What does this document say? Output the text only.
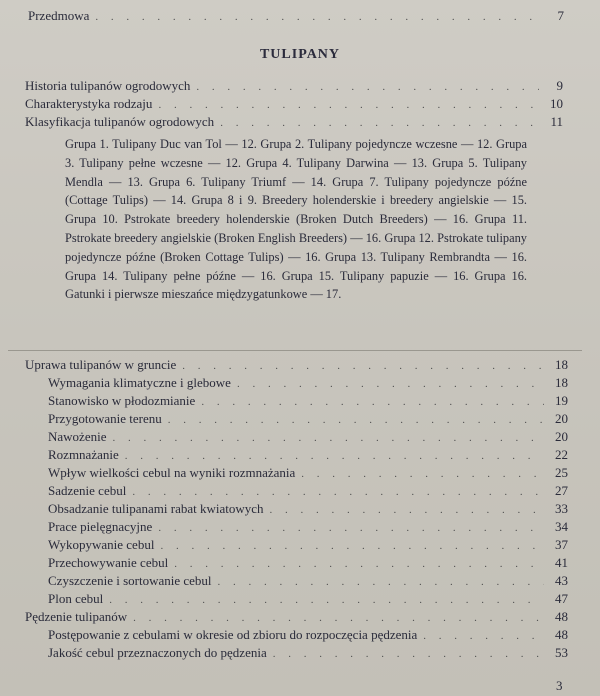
Przedmowa . . .	7
TULIPANY
Historia tulipanów ogrodowych . . .	9
Charakterystyka rodzaju . . .	10
Klasyfikacja tulipanów ogrodowych . . .	11
Grupa 1. Tulipany Duc van Tol — 12. Grupa 2. Tulipany pojedyncze wczesne — 12. Grupa 3. Tulipany pełne wczesne — 12. Grupa 4. Tulipany Darwina — 13. Grupa 5. Tulipany Mendla — 13. Grupa 6. Tulipany Triumf — 14. Grupa 7. Tulipany pojedyncze późne (Cottage Tulips) — 14. Grupa 8 i 9. Breedery holenderskie i breedery angielskie — 15. Grupa 10. Pstrokate breedery holenderskie (Broken Dutch Breeders) — 16. Grupa 11. Pstrokate breedery angielskie (Broken English Breeders) — 16. Grupa 12. Pstrokate tulipany pojedyncze późne (Broken Cottage Tulips) — 16. Grupa 13. Tulipany Rembrandta — 16. Grupa 14. Tulipany pełne późne — 16. Grupa 15. Tulipany papuzie — 16. Grupa 16. Gatunki i pierwsze mieszańce międzygatunkowe — 17.
Uprawa tulipanów w gruncie . . .	18
Wymagania klimatyczne i glebowe . . .	18
Stanowisko w płodozmianie . . .	19
Przygotowanie terenu . . .	20
Nawożenie . . .	20
Rozmnażanie . . .	22
Wpływ wielkości cebul na wyniki rozmnażania . . .	25
Sadzenie cebul . . .	27
Obsadzanie tulipanami rabat kwiatowych . . .	33
Prace pielęgnacyjne . . .	34
Wykopywanie cebul . . .	37
Przechowywanie cebul . . .	41
Czyszczenie i sortowanie cebul . . .	43
Plon cebul . . .	47
Pędzenie tulipanów . . .	48
Postępowanie z cebulami w okresie od zbioru do rozpoczęcia pędzenia . . .	48
Jakość cebul przeznaczonych do pędzenia . . .	53
3
